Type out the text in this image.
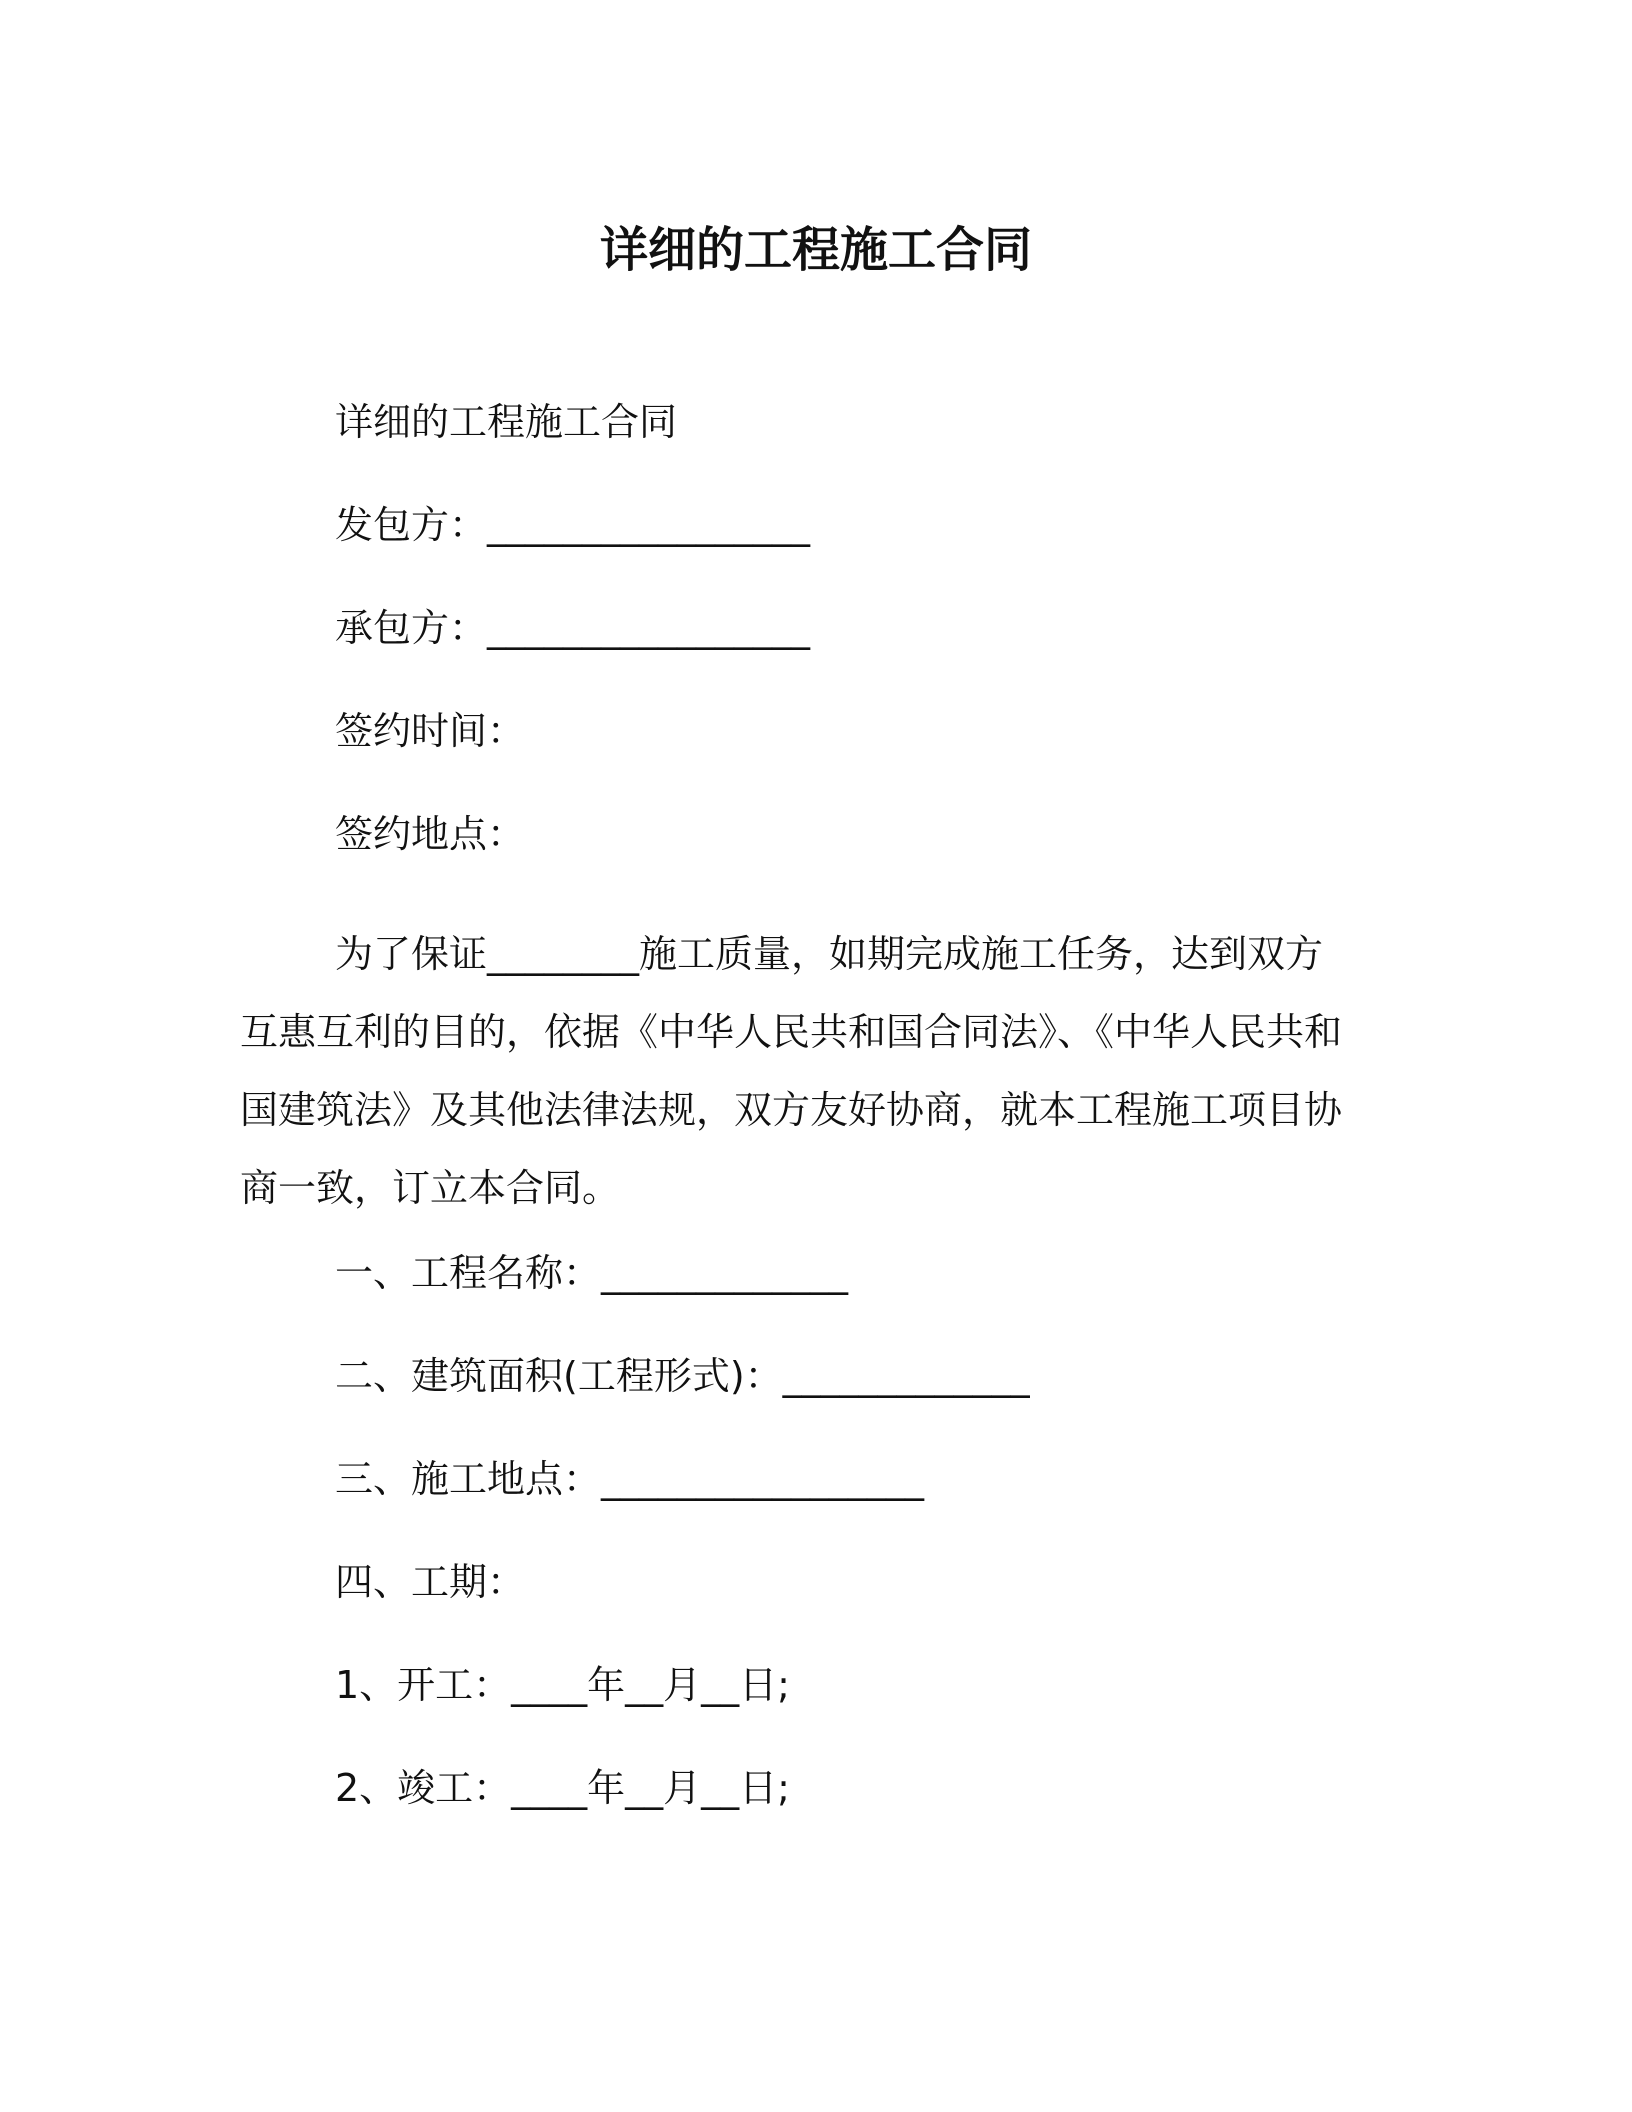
详细的工程施工合同
详细的工程施工合同
发包方：_________________
承包方：_________________
签约时间：
签约地点：
为了保证________施工质量，如期完成施工任务，达到双方互惠互利的目的，依据《中华人民共和国合同法》、《中华人民共和国建筑法》及其他法律法规，双方友好协商，就本工程施工项目协商一致，订立本合同。
一、工程名称：_____________
二、建筑面积(工程形式)：_____________
三、施工地点：_________________
四、工期：
1、开工：____年__月__日;
2、竣工：____年__月__日;
